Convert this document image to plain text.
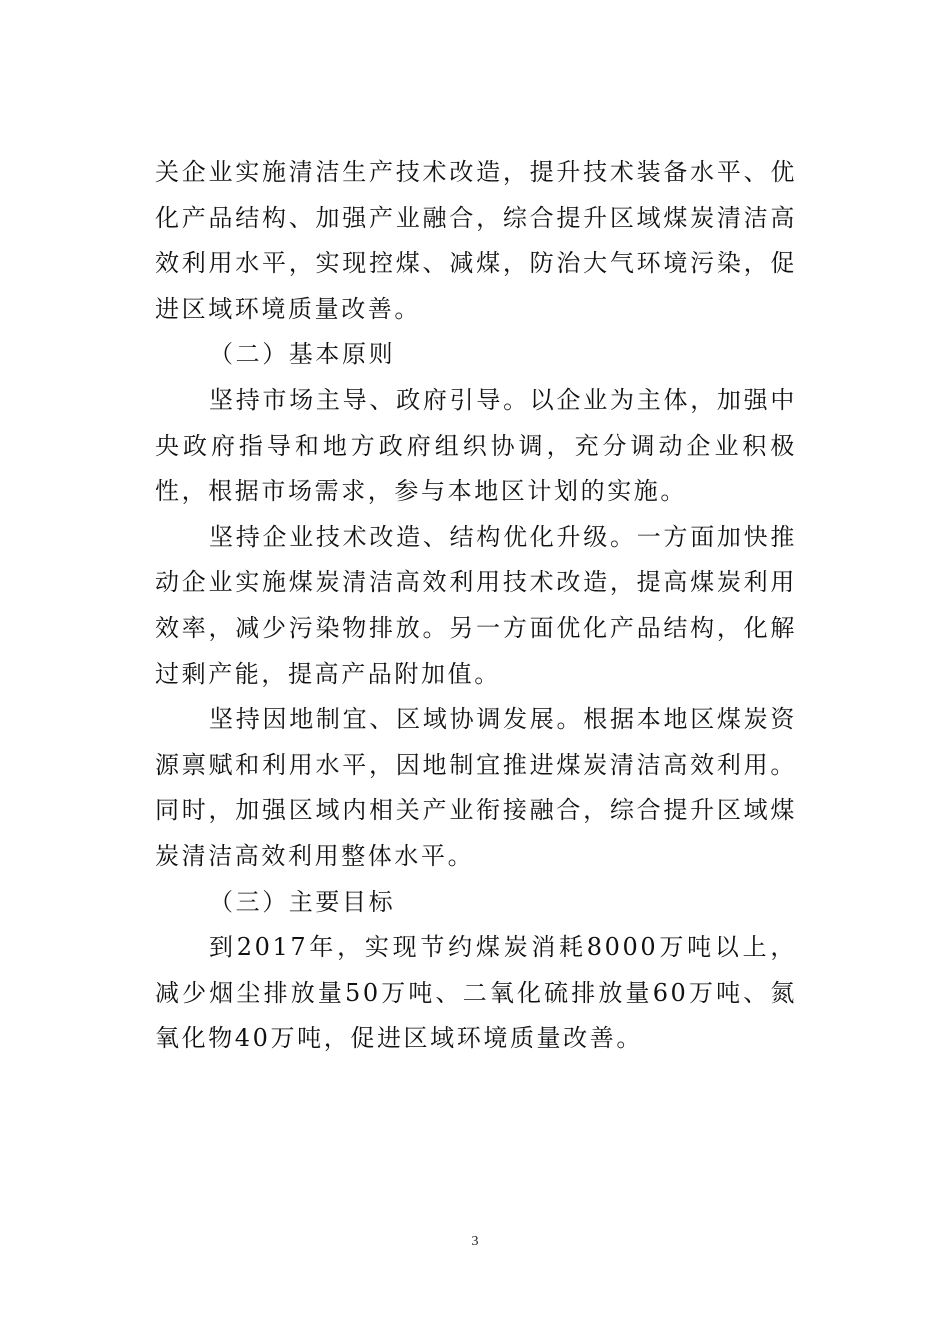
关企业实施清洁生产技术改造，提升技术装备水平、优化产品结构、加强产业融合，综合提升区域煤炭清洁高效利用水平，实现控煤、减煤，防治大气环境污染，促进区域环境质量改善。

（二）基本原则

坚持市场主导、政府引导。以企业为主体，加强中央政府指导和地方政府组织协调，充分调动企业积极性，根据市场需求，参与本地区计划的实施。

坚持企业技术改造、结构优化升级。一方面加快推动企业实施煤炭清洁高效利用技术改造，提高煤炭利用效率，减少污染物排放。另一方面优化产品结构，化解过剩产能，提高产品附加值。

坚持因地制宜、区域协调发展。根据本地区煤炭资源禀赋和利用水平，因地制宜推进煤炭清洁高效利用。同时，加强区域内相关产业衔接融合，综合提升区域煤炭清洁高效利用整体水平。

（三）主要目标

到2017年，实现节约煤炭消耗8000万吨以上，减少烟尘排放量50万吨、二氧化硫排放量60万吨、氮氧化物40万吨，促进区域环境质量改善。

3
